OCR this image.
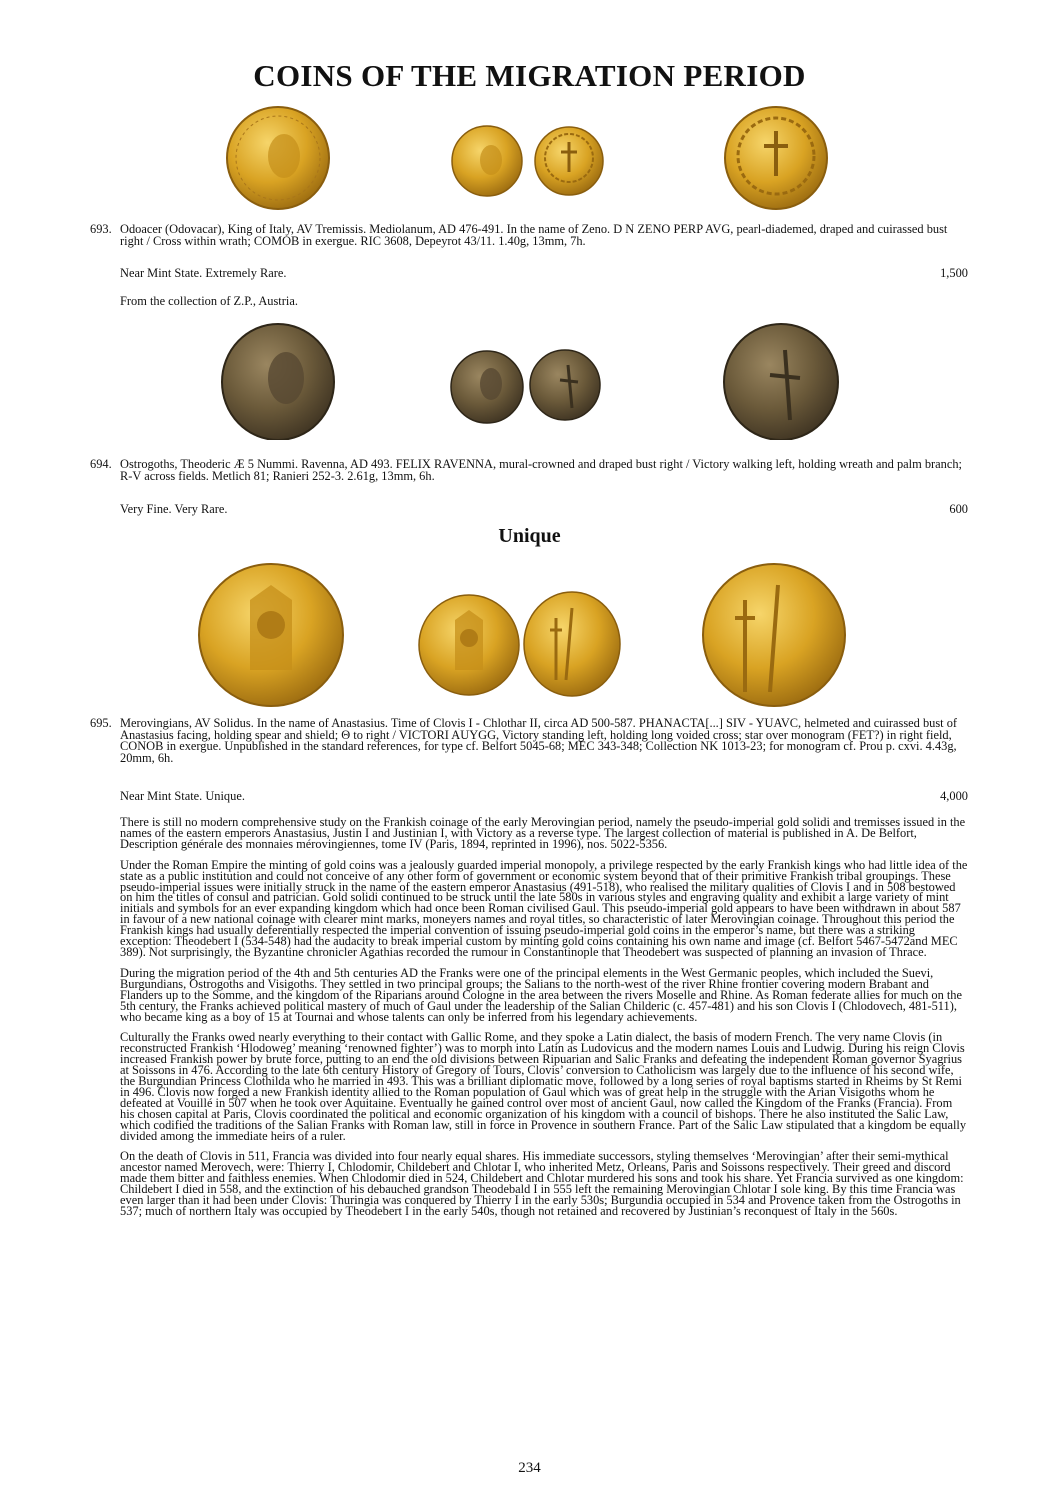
COINS OF THE MIGRATION PERIOD
693. Odoacer (Odovacar), King of Italy, AV Tremissis. Mediolanum, AD 476-491. In the name of Zeno. D N ZENO PERP AVG, pearl-diademed, draped and cuirassed bust right / Cross within wrath; COMOB in exergue. RIC 3608, Depeyrot 43/11. 1.40g, 13mm, 7h.
Near Mint State. Extremely Rare.	1,500
From the collection of Z.P., Austria.
694. Ostrogoths, Theoderic Æ 5 Nummi. Ravenna, AD 493. FELIX RAVENNA, mural-crowned and draped bust right / Victory walking left, holding wreath and palm branch; R-V across fields. Metlich 81; Ranieri 252-3. 2.61g, 13mm, 6h.
Very Fine. Very Rare.	600
Unique
695. Merovingians, AV Solidus. In the name of Anastasius. Time of Clovis I - Chlothar II, circa AD 500-587. PHANACTA[...] SIV - YUAVC, helmeted and cuirassed bust of Anastasius facing, holding spear and shield; Θ to right / VICTORI AUYGG, Victory standing left, holding long voided cross; star over monogram (FET?) in right field, CONOB in exergue. Unpublished in the standard references, for type cf. Belfort 5045-68; MEC 343-348; Collection NK 1013-23; for monogram cf. Prou p. cxvi. 4.43g, 20mm, 6h.
Near Mint State. Unique.	4,000

There is still no modern comprehensive study on the Frankish coinage of the early Merovingian period, namely the pseudo-imperial gold solidi and tremisses issued in the names of the eastern emperors Anastasius, Justin I and Justinian I, with Victory as a reverse type. The largest collection of material is published in A. De Belfort, Description générale des monnaies mérovingiennes, tome IV (Paris, 1894, reprinted in 1996), nos. 5022-5356.

Under the Roman Empire the minting of gold coins was a jealously guarded imperial monopoly, a privilege respected by the early Frankish kings who had little idea of the state as a public institution and could not conceive of any other form of government or economic system beyond that of their primitive Frankish tribal groupings. These pseudo-imperial issues were initially struck in the name of the eastern emperor Anastasius (491-518), who realised the military qualities of Clovis I and in 508 bestowed on him the titles of consul and patrician. Gold solidi continued to be struck until the late 580s in various styles and engraving quality and exhibit a large variety of mint initials and symbols for an ever expanding kingdom which had once been Roman civilised Gaul. This pseudo-imperial gold appears to have been withdrawn in about 587 in favour of a new national coinage with clearer mint marks, moneyers names and royal titles, so characteristic of later Merovingian coinage. Throughout this period the Frankish kings had usually deferentially respected the imperial convention of issuing pseudo-imperial gold coins in the emperor’s name, but there was a striking exception: Theodebert I (534-548) had the audacity to break imperial custom by minting gold coins containing his own name and image (cf. Belfort 5467-5472and MEC 389). Not surprisingly, the Byzantine chronicler Agathias recorded the rumour in Constantinople that Theodebert was suspected of planning an invasion of Thrace.

During the migration period of the 4th and 5th centuries AD the Franks were one of the principal elements in the West Germanic peoples, which included the Suevi, Burgundians, Ostrogoths and Visigoths. They settled in two principal groups; the Salians to the north-west of the river Rhine frontier covering modern Brabant and Flanders up to the Somme, and the kingdom of the Riparians around Cologne in the area between the rivers Moselle and Rhine. As Roman federate allies for much on the 5th century, the Franks achieved political mastery of much of Gaul under the leadership of the Salian Childeric (c. 457-481) and his son Clovis I (Chlodovech, 481-511), who became king as a boy of 15 at Tournai and whose talents can only be inferred from his legendary achievements.

Culturally the Franks owed nearly everything to their contact with Gallic Rome, and they spoke a Latin dialect, the basis of modern French. The very name Clovis (in reconstructed Frankish ‘Hlodoweg’ meaning ‘renowned fighter’) was to morph into Latin as Ludovicus and the modern names Louis and Ludwig. During his reign Clovis increased Frankish power by brute force, putting to an end the old divisions between Ripuarian and Salic Franks and defeating the independent Roman governor Syagrius at Soissons in 476. According to the late 6th century History of Gregory of Tours, Clovis’ conversion to Catholicism was largely due to the influence of his second wife, the Burgundian Princess Clothilda who he married in 493. This was a brilliant diplomatic move, followed by a long series of royal baptisms started in Rheims by St Remi in 496. Clovis now forged a new Frankish identity allied to the Roman population of Gaul which was of great help in the struggle with the Arian Visigoths whom he defeated at Vouillé in 507 when he took over Aquitaine. Eventually he gained control over most of ancient Gaul, now called the Kingdom of the Franks (Francia). From his chosen capital at Paris, Clovis coordinated the political and economic organization of his kingdom with a council of bishops. There he also instituted the Salic Law, which codified the traditions of the Salian Franks with Roman law, still in force in Provence in southern France. Part of the Salic Law stipulated that a kingdom be equally divided among the immediate heirs of a ruler.

On the death of Clovis in 511, Francia was divided into four nearly equal shares. His immediate successors, styling themselves ‘Merovingian’ after their semi-mythical ancestor named Merovech, were: Thierry I, Chlodomir, Childebert and Chlotar I, who inherited Metz, Orleans, Paris and Soissons respectively. Their greed and discord made them bitter and faithless enemies. When Chlodomir died in 524, Childebert and Chlotar murdered his sons and took his share. Yet Francia survived as one kingdom: Childebert I died in 558, and the extinction of his debauched grandson Theodebald I in 555 left the remaining Merovingian Chlotar I sole king. By this time Francia was even larger than it had been under Clovis: Thuringia was conquered by Thierry I in the early 530s; Burgundia occupied in 534 and Provence taken from the Ostrogoths in 537; much of northern Italy was occupied by Theodebert I in the early 540s, though not retained and recovered by Justinian’s reconquest of Italy in the 560s.

234
